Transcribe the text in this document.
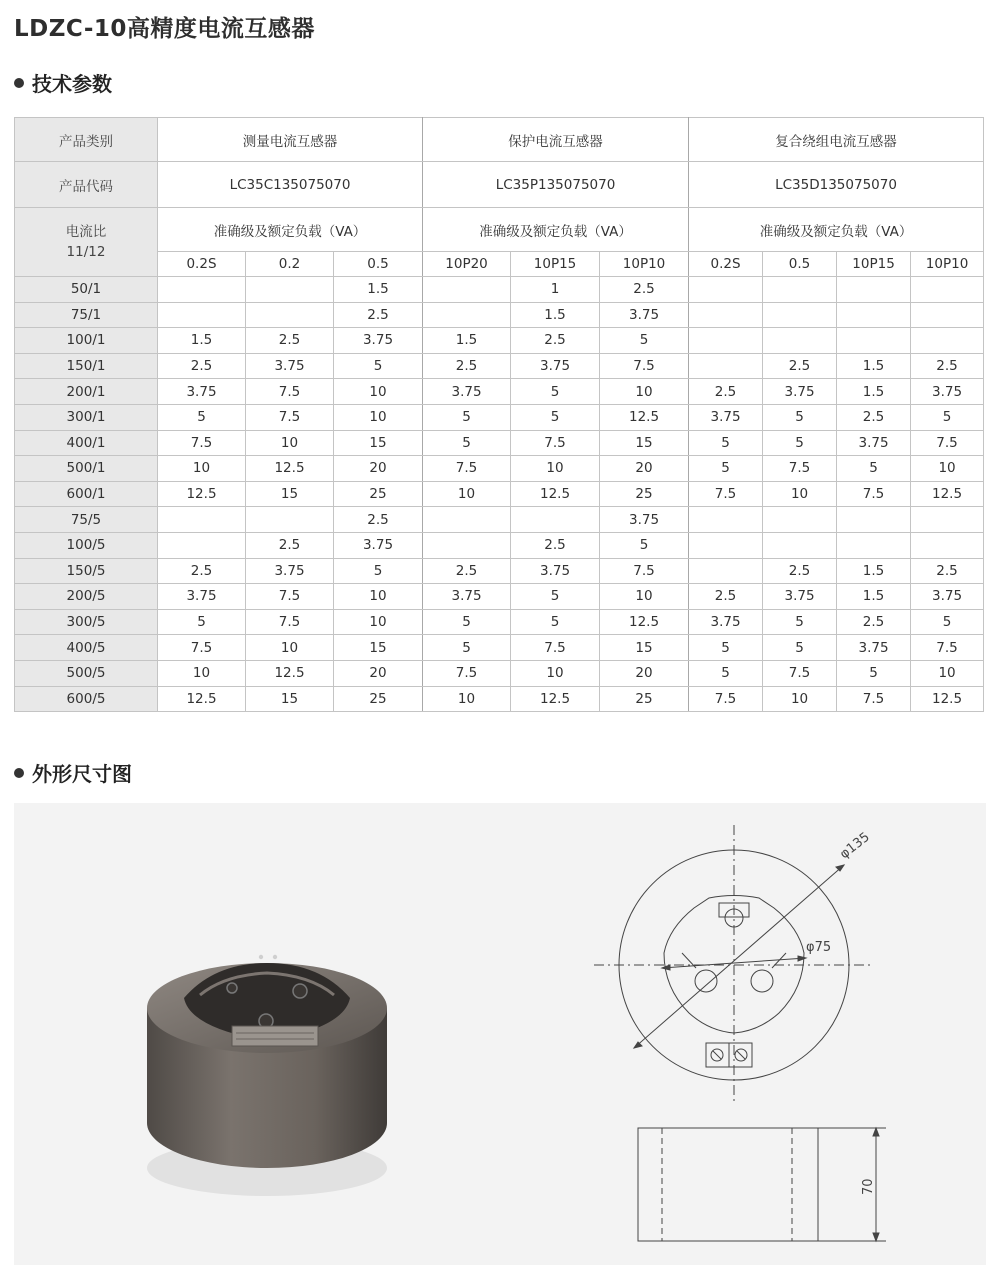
LDZC-10高精度电流互感器
技术参数
产品类别	测量电流互感器			保护电流互感器			复合绕组电流互感器			
产品代码	LC35C135075070			LC35P135075070			LC35D135075070			
电流比
11/12	准确级及额定负载（VA）			准确级及额定负载（VA）			准确级及额定负载（VA）			
	0.2S	0.2	0.5	10P20	10P15	10P10	0.2S	0.5	10P15	10P10
50/1			1.5		1	2.5				
75/1			2.5		1.5	3.75				
100/1	1.5	2.5	3.75	1.5	2.5	5				
150/1	2.5	3.75	5	2.5	3.75	7.5		2.5	1.5	2.5
200/1	3.75	7.5	10	3.75	5	10	2.5	3.75	1.5	3.75
300/1	5	7.5	10	5	5	12.5	3.75	5	2.5	5
400/1	7.5	10	15	5	7.5	15	5	5	3.75	7.5
500/1	10	12.5	20	7.5	10	20	5	7.5	5	10
600/1	12.5	15	25	10	12.5	25	7.5	10	7.5	12.5
75/5			2.5			3.75				
100/5		2.5	3.75		2.5	5				
150/5	2.5	3.75	5	2.5	3.75	7.5		2.5	1.5	2.5
200/5	3.75	7.5	10	3.75	5	10	2.5	3.75	1.5	3.75
300/5	5	7.5	10	5	5	12.5	3.75	5	2.5	5
400/5	7.5	10	15	5	7.5	15	5	5	3.75	7.5
500/5	10	12.5	20	7.5	10	20	5	7.5	5	10
600/5	12.5	15	25	10	12.5	25	7.5	10	7.5	12.5
外形尺寸图
φ135
φ75
70
